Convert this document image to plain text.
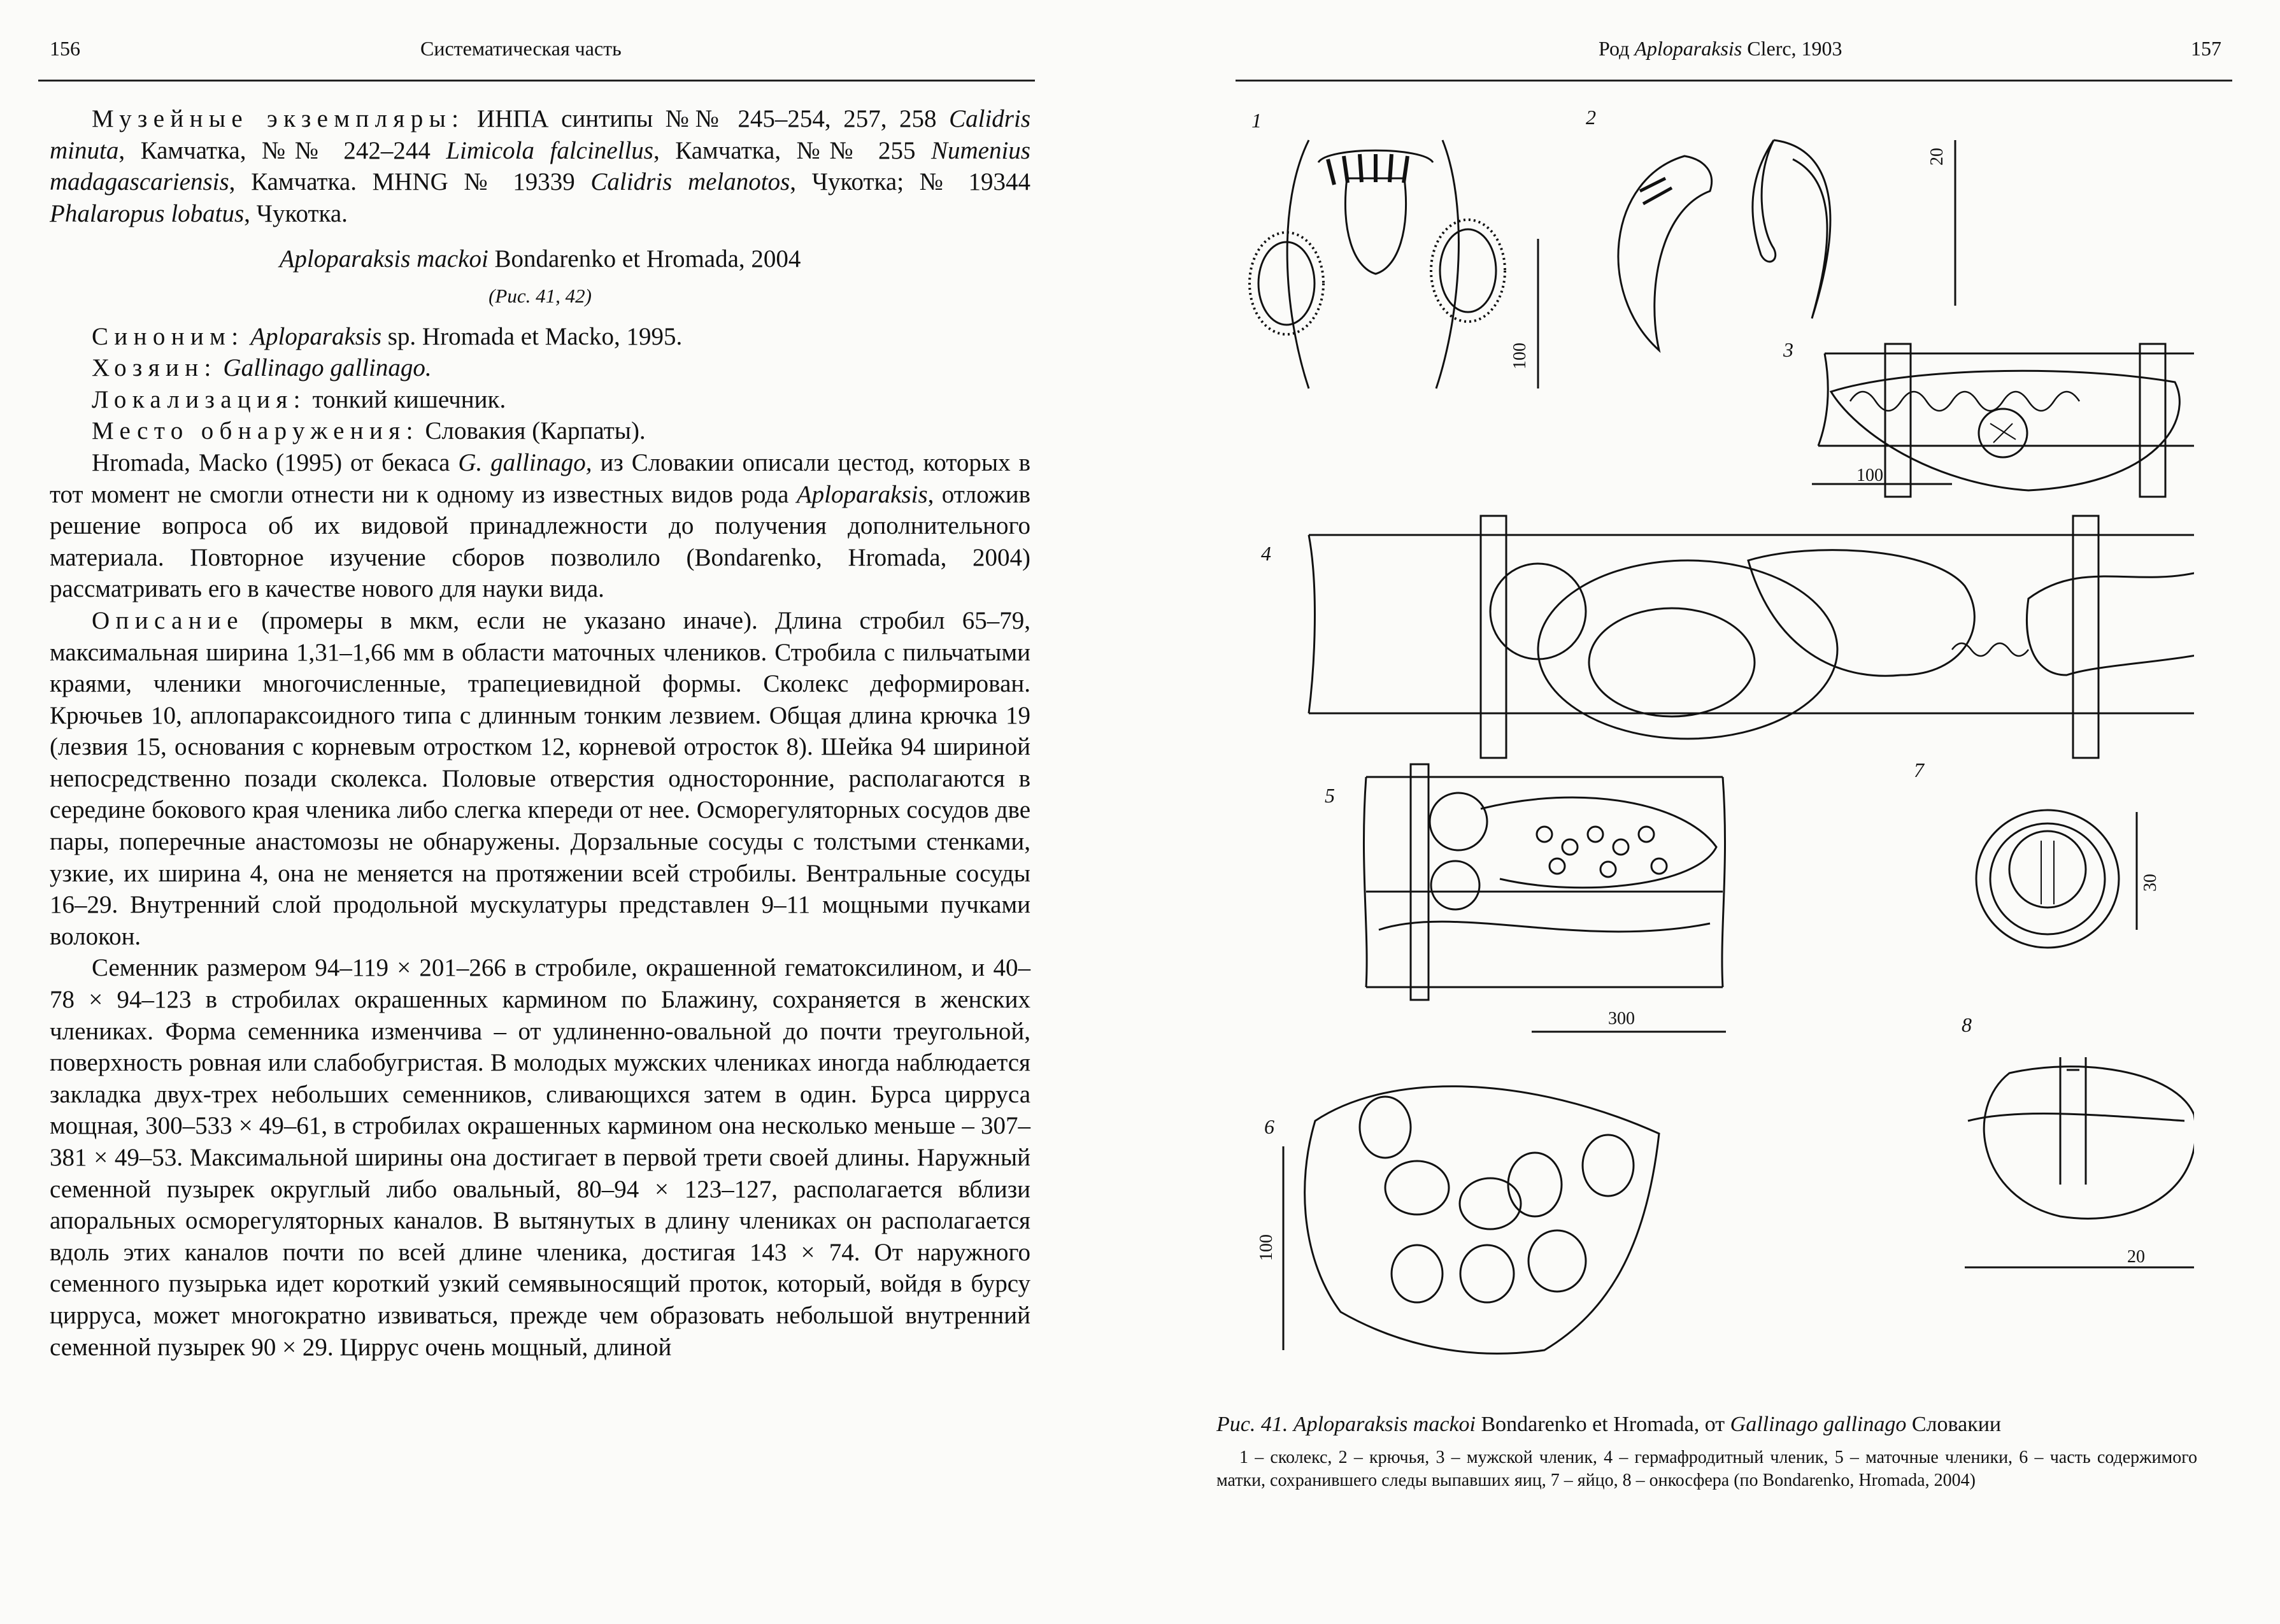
156	Систематическая часть

Музейные экземпляры: ИНПА синтипы №№ 245–254, 257, 258 Calidris minuta, Камчатка, №№ 242–244 Limicola falcinellus, Камчатка, №№ 255 Numenius madagascariensis, Камчатка. MHNG № 19339 Calidris melanotos, Чукотка; № 19344 Phalaropus lobatus, Чукотка.

Aploparaksis mackoi Bondarenko et Hromada, 2004

(Рис. 41, 42)

Синоним: Aploparaksis sp. Hromada et Macko, 1995.

Хозяин: Gallinago gallinago.

Локализация: тонкий кишечник.

Место обнаружения: Словакия (Карпаты).

Hromada, Macko (1995) от бекаса G. gallinago, из Словакии описали цестод, которых в тот момент не смогли отнести ни к одному из известных видов рода Aploparaksis, отложив решение вопроса об их видовой принадлежности до получения дополнительного материала. Повторное изучение сборов позволило (Bondarenko, Hromada, 2004) рассматривать его в качестве нового для науки вида.

Описание (промеры в мкм, если не указано иначе). Длина стробил 65–79, максимальная ширина 1,31–1,66 мм в области маточных члеников. Стробила с пильчатыми краями, членики многочисленные, трапециевидной формы. Сколекс деформирован. Крючьев 10, аплопараксоидного типа с длинным тонким лезвием. Общая длина крючка 19 (лезвия 15, основания с корневым отростком 12, корневой отросток 8). Шейка 94 шириной непосредственно позади сколекса. Половые отверстия односторонние, располагаются в середине бокового края членика либо слегка кпереди от нее. Осморегуляторных сосудов две пары, поперечные анастомозы не обнаружены. Дорзальные сосуды с толстыми стенками, узкие, их ширина 4, она не меняется на протяжении всей стробилы. Вентральные сосуды 16–29. Внутренний слой продольной мускулатуры представлен 9–11 мощными пучками волокон.

Семенник размером 94–119 × 201–266 в стробиле, окрашенной гематоксилином, и 40–78 × 94–123 в стробилах окрашенных кармином по Блажину, сохраняется в женских члениках. Форма семенника изменчива – от удлиненно-овальной до почти треугольной, поверхность ровная или слабобугристая. В молодых мужских члениках иногда наблюдается закладка двух-трех небольших семенников, сливающихся затем в один. Бурса цирруса мощная, 300–533 × 49–61, в стробилах окрашенных кармином она несколько меньше – 307–381 × 49–53. Максимальной ширины она достигает в первой трети своей длины. Наружный семенной пузырек округлый либо овальный, 80–94 × 123–127, располагается вблизи апоральных осморегуляторных каналов. В вытянутых в длину члениках он располагается вдоль этих каналов почти по всей длине членика, достигая 143 × 74. От наружного семенного пузырька идет короткий узкий семявыносящий проток, который, войдя в бурсу цирруса, может многократно извиваться, прежде чем образовать небольшой внутренний семенной пузырек 90 × 29. Циррус очень мощный, длиной

Род Aploparaksis Clerc, 1903	157
1	2
3
4
5
6
7
8
100
20
100
300
100
30
20
Рис. 41. Aploparaksis mackoi Bondarenko et Hromada, от Gallinago gallinago Словакии
1 – сколекс, 2 – крючья, 3 – мужской членик, 4 – гермафродитный членик, 5 – маточные членики, 6 – часть содержимого матки, сохранившего следы выпавших яиц, 7 – яйцо, 8 – онкосфера (по Bondarenko, Hromada, 2004)
